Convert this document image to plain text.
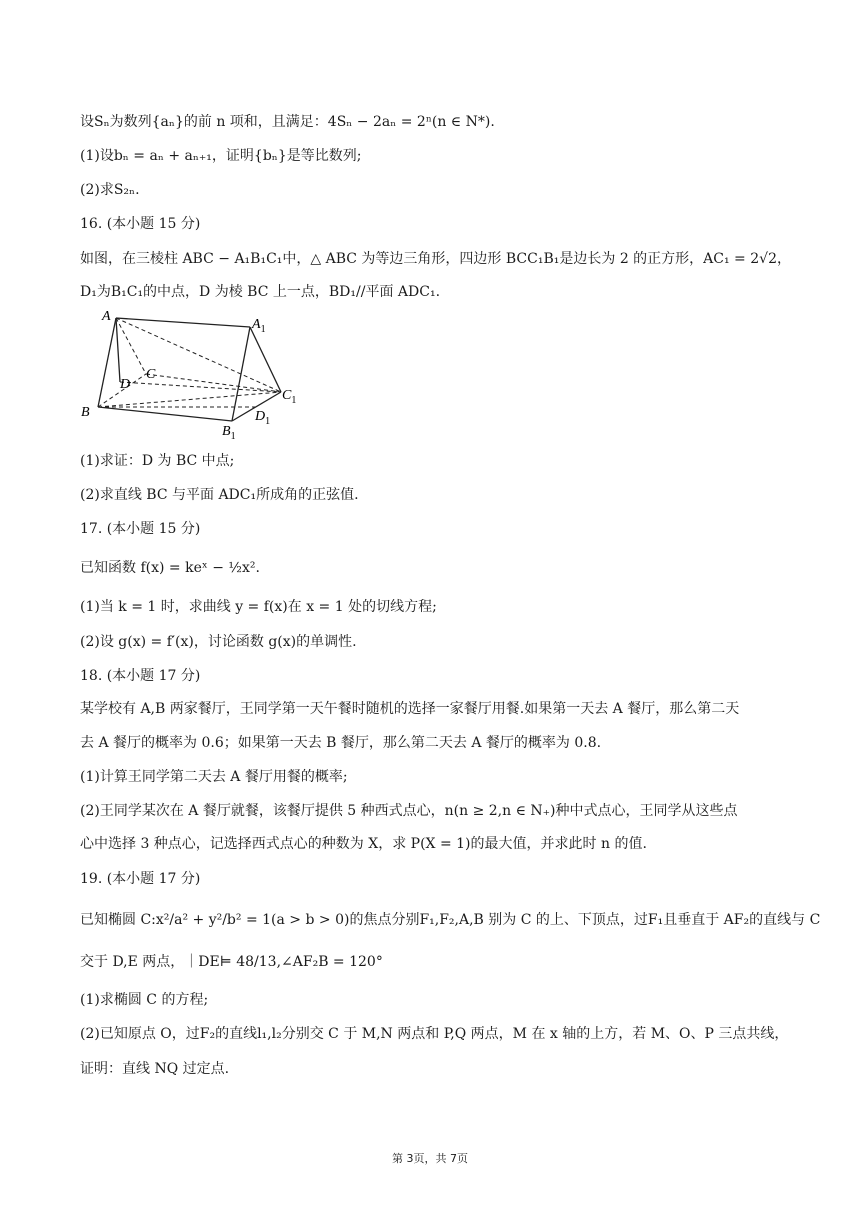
设Sₙ为数列{aₙ}的前 n 项和，且满足：4Sₙ − 2aₙ = 2ⁿ(n ∈ N*).
(1)设bₙ = aₙ + aₙ₊₁，证明{bₙ}是等比数列;
(2)求S₂ₙ.
16. (本小题 15 分)
如图，在三棱柱 ABC − A₁B₁C₁中，△ ABC 为等边三角形，四边形 BCC₁B₁是边长为 2 的正方形，AC₁ = 2√2，
D₁为B₁C₁的中点，D 为棱 BC 上一点，BD₁//平面 ADC₁.
A
$A_1$
C
D
$C_1$
B	$D_1$
$B_1$
(1)求证：D 为 BC 中点;
(2)求直线 BC 与平面 ADC₁所成角的正弦值.
17. (本小题 15 分)
已知函数 f(x) = keˣ − ½x².
(1)当 k = 1 时，求曲线 y = f(x)在 x = 1 处的切线方程;
(2)设 g(x) = f′(x)，讨论函数 g(x)的单调性.
18. (本小题 17 分)
某学校有 A,B 两家餐厅，王同学第一天午餐时随机的选择一家餐厅用餐.如果第一天去 A 餐厅，那么第二天
去 A 餐厅的概率为 0.6；如果第一天去 B 餐厅，那么第二天去 A 餐厅的概率为 0.8.
(1)计算王同学第二天去 A 餐厅用餐的概率;
(2)王同学某次在 A 餐厅就餐，该餐厅提供 5 种西式点心，n(n ≥ 2,n ∈ N₊)种中式点心，王同学从这些点
心中选择 3 种点心，记选择西式点心的种数为 X，求 P(X = 1)的最大值，并求此时 n 的值.
19. (本小题 17 分)
已知椭圆 C:x²/a² + y²/b² = 1(a > b > 0)的焦点分别F₁,F₂,A,B 别为 C 的上、下顶点，过F₁且垂直于 AF₂的直线与 C
交于 D,E 两点，｜DE⊨ 48/13,∠AF₂B = 120°
(1)求椭圆 C 的方程;
(2)已知原点 O，过F₂的直线l₁,l₂分别交 C 于 M,N 两点和 P,Q 两点，M 在 x 轴的上方，若 M、O、P 三点共线，
证明：直线 NQ 过定点.
第 3页，共 7页
